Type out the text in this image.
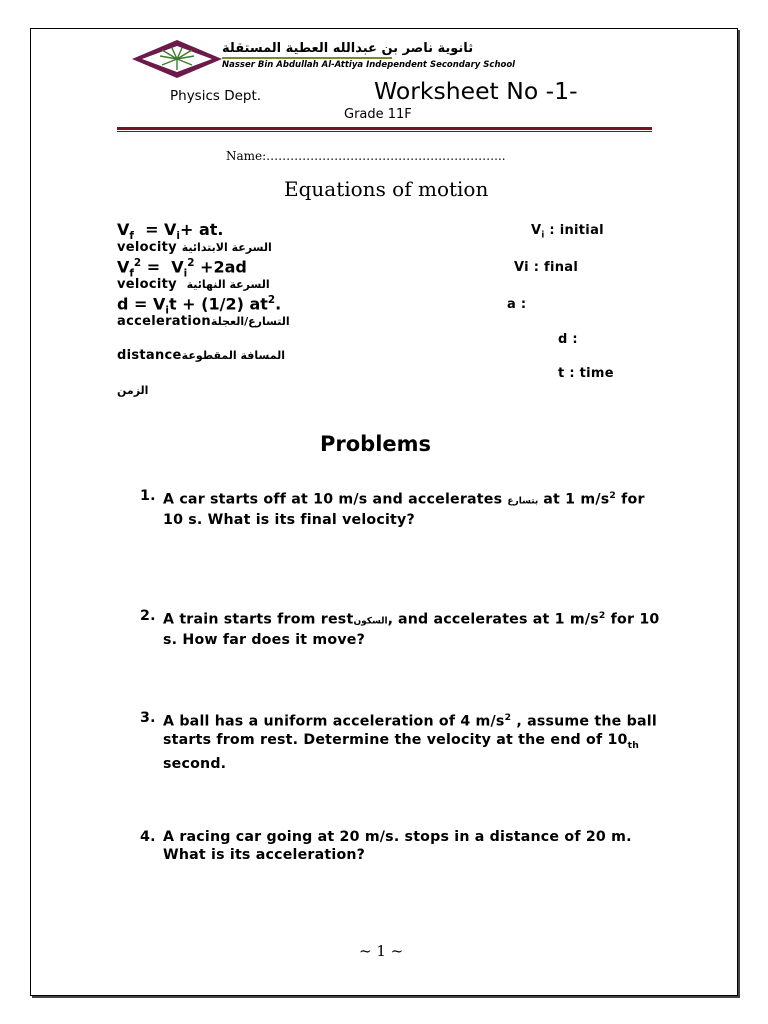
ثانوية ناصر بن عبدالله العطية المستقلة
Nasser Bin Abdullah Al-Attiya Independent Secondary School
Physics Dept.	Worksheet No -1-
Grade 11F
Name:…………………………………………………...
Equations of motion
$V_f = V_i+$ at.	$V_i$ : initial
velocity السرعة الابتدائية
$V_f^2 = V_i^2 +2ad$	Vi : final
velocity السرعة النهائية
$d = V_it + (1/2)$ $at^2$.	a :
accelerationالتسارع/العجلة
d :
distanceالمسافة المقطوعة
t : time
الزمن
Problems
1. A car starts off at 10 m/s and accelerates بتسارع at 1 $m/s^2$ for 10 s. What is its final velocity?
2. A train starts from restالسكون, and accelerates at 1 $m/s^2$ for 10 s. How far does it move?
3. A ball has a uniform acceleration of 4 $m/s^2$ , assume the ball starts from rest. Determine the velocity at the end of $10_{th}$ second.
4. A racing car going at 20 m/s. stops in a distance of 20 m. What is its acceleration?
~ 1 ~
